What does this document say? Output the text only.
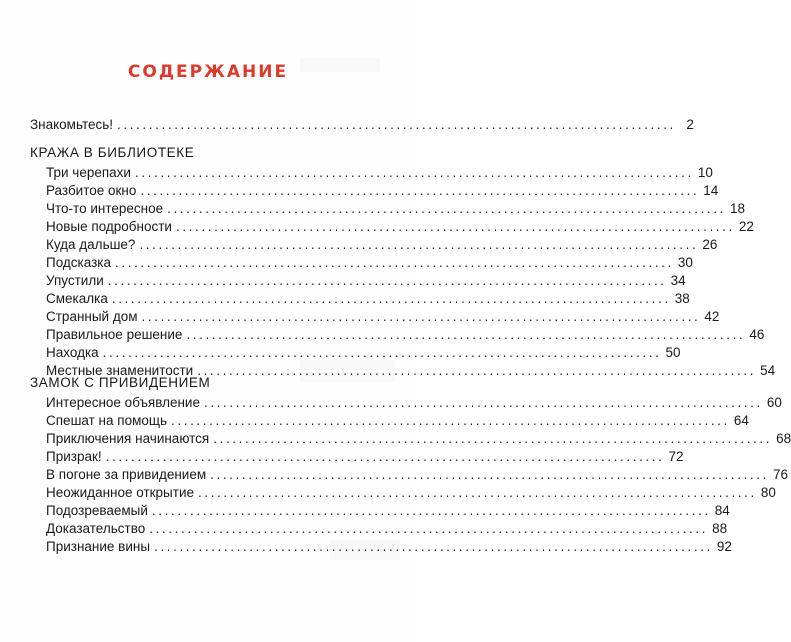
СОДЕРЖАНИЕ
Знакомьтесь! ........................................................................................ 2
КРАЖА В БИБЛИОТЕКЕ
Три черепахи ........................................................................................ 10
Разбитое окно ........................................................................................ 14
Что-то интересное ........................................................................................ 18
Новые подробности ........................................................................................ 22
Куда дальше? ........................................................................................ 26
Подсказка ........................................................................................ 30
Упустили ........................................................................................ 34
Смекалка ........................................................................................ 38
Странный дом ........................................................................................ 42
Правильное решение ........................................................................................ 46
Находка ........................................................................................ 50
Местные знаменитости ........................................................................................ 54
ЗАМОК С ПРИВИДЕНИЕМ
Интересное объявление ........................................................................................ 60
Спешат на помощь ........................................................................................ 64
Приключения начинаются ........................................................................................ 68
Призрак! ........................................................................................ 72
В погоне за привидением ........................................................................................ 76
Неожиданное открытие ........................................................................................ 80
Подозреваемый ........................................................................................ 84
Доказательство ........................................................................................ 88
Признание вины ........................................................................................ 92
